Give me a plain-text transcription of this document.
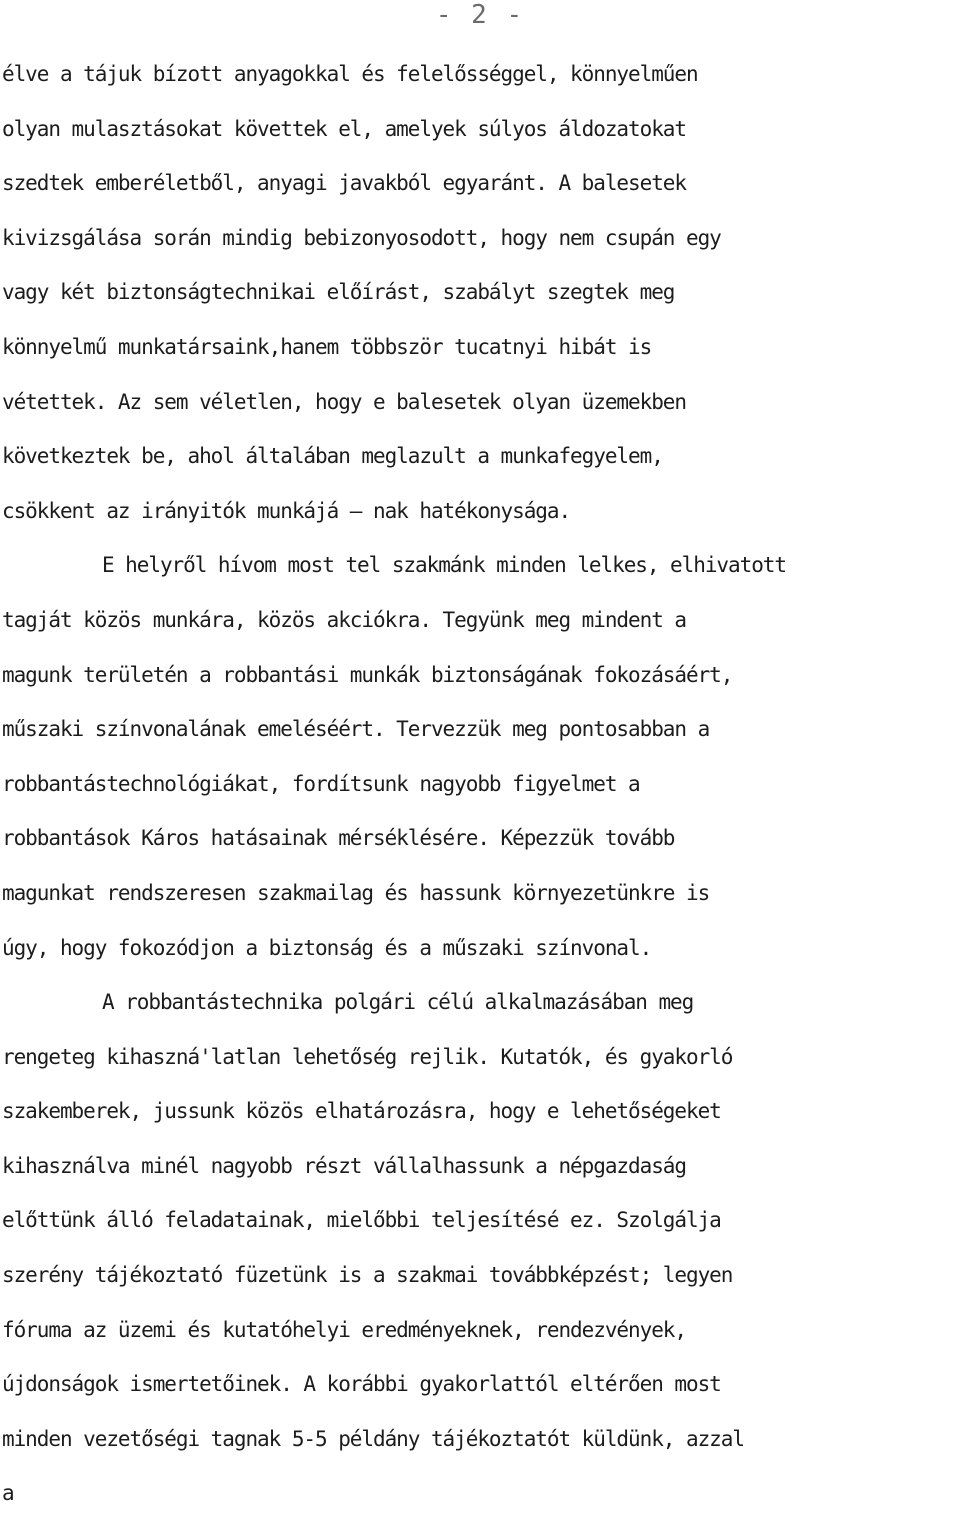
- 2 -
élve a tájuk bízott anyagokkal és felelősséggel, könnyelműen
olyan mulasztásokat követtek el, amelyek súlyos áldozatokat
szedtek emberéletből, anyagi javakból egyaránt. A balesetek
kivizsgálása során mindig bebizonyosodott, hogy nem csupán egy
vagy két biztonságtechnikai előírást, szabályt szegtek meg
könnyelmű munkatársaink,hanem többször tucatnyi hibát is
vétettek. Az sem véletlen, hogy e balesetek olyan üzemekben
következtek be, ahol általában meglazult a munkafegyelem,
csökkent az irányitók munkájá — nak hatékonysága.
E helyről hívom most tel szakmánk minden lelkes, elhivatott
tagját közös munkára, közös akciókra. Tegyünk meg mindent a
magunk területén a robbantási munkák biztonságának fokozásáért,
műszaki színvonalának emeléséért. Tervezzük meg pontosabban a
robbantástechnológiákat, fordítsunk nagyobb figyelmet a
robbantások Káros hatásainak mérséklésére. Képezzük tovább
magunkat rendszeresen szakmailag és hassunk környezetünkre is
úgy, hogy fokozódjon a biztonság és a műszaki színvonal.
A robbantástechnika polgári célú alkalmazásában meg
rengeteg kihaszná'latlan lehetőség rejlik. Kutatók, és gyakorló
szakemberek, jussunk közös elhatározásra, hogy e lehetőségeket
kihasználva minél nagyobb részt vállalhassunk a népgazdaság
előttünk álló feladatainak, mielőbbi teljesítésé ez. Szolgálja
szerény tájékoztató füzetünk is a szakmai továbbképzést; legyen
fóruma az üzemi és kutatóhelyi eredményeknek, rendezvények,
újdonságok ismertetőinek. A korábbi gyakorlattól eltérően most
minden vezetőségi tagnak 5-5 példány tájékoztatót küldünk, azzal
a
